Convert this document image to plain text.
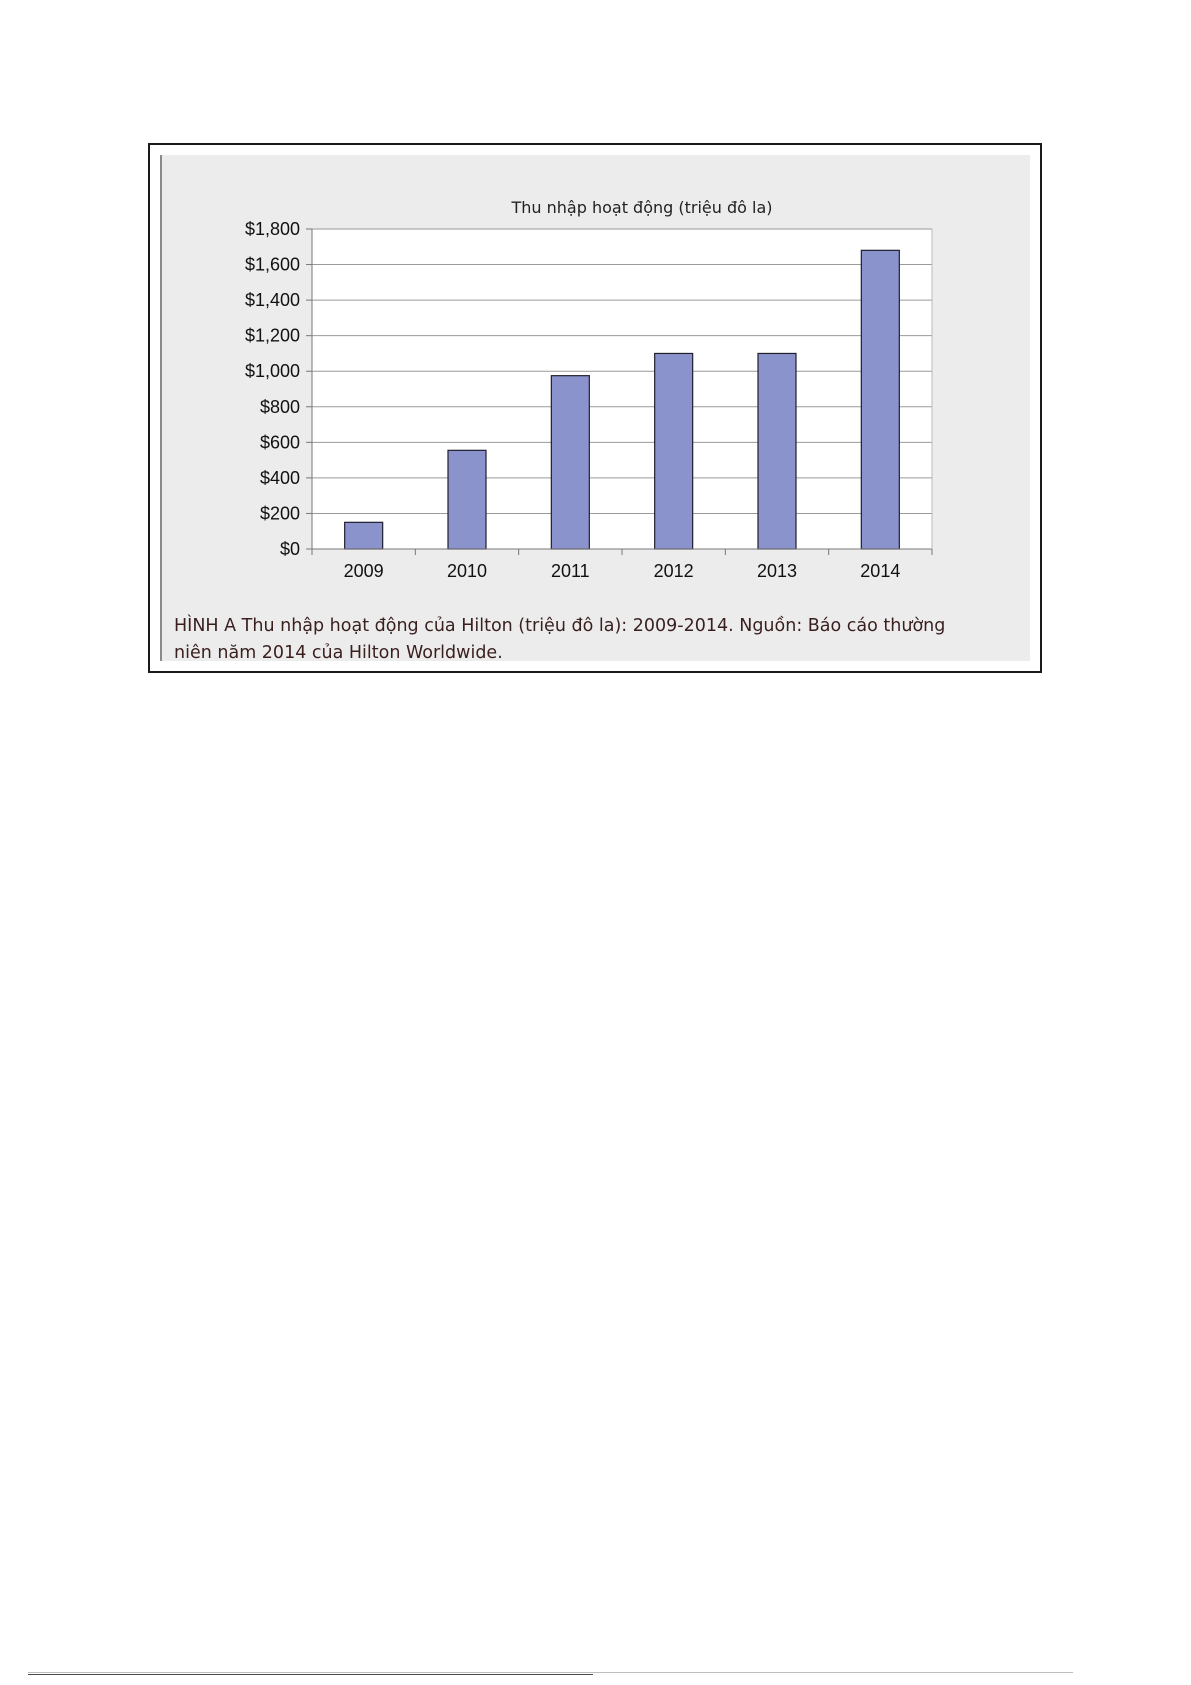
$0
$200
$400
$600
$800
$1,000
$1,200
$1,400
$1,600
$1,800
2009	2010	2011	2012	2013	2014
Thu nhập hoạt động (triệu đô la)
HÌNH A Thu nhập hoạt động của Hilton (triệu đô la): 2009-2014. Nguồn: Báo cáo thường
niên năm 2014 của Hilton Worldwide.
